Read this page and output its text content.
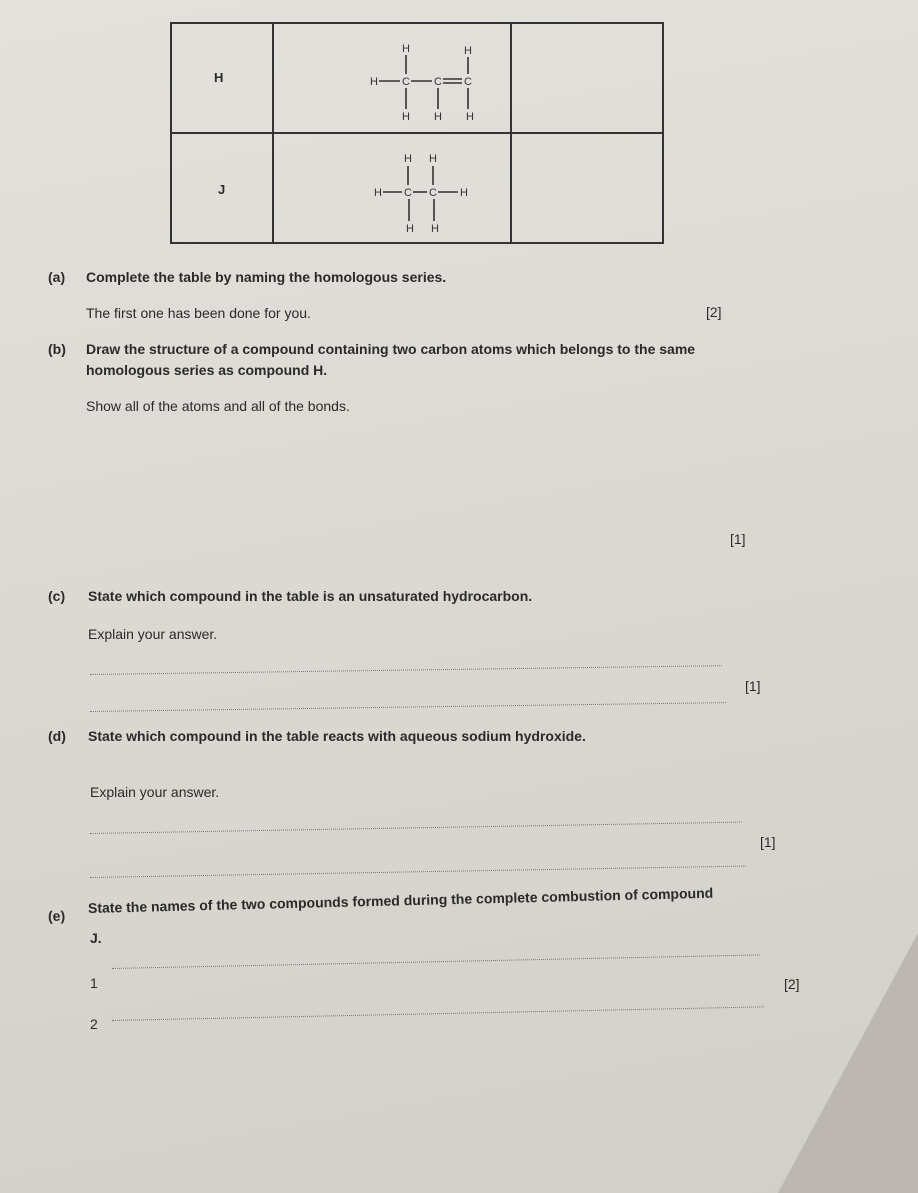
H
J
H	H
H C C C
H H H
H H
H C C H
H H
(a) Complete the table by naming the homologous series.
The first one has been done for you.	[2]
(b) Draw the structure of a compound containing two carbon atoms which belongs to the same
homologous series as compound H.
Show all of the atoms and all of the bonds.
[1]
(c) State which compound in the table is an unsaturated hydrocarbon.
Explain your answer.
[1]
(d) State which compound in the table reacts with aqueous sodium hydroxide.
Explain your answer.
[1]
(e) State the names of the two compounds formed during the complete combustion of compound
J.
1
2
[2]
